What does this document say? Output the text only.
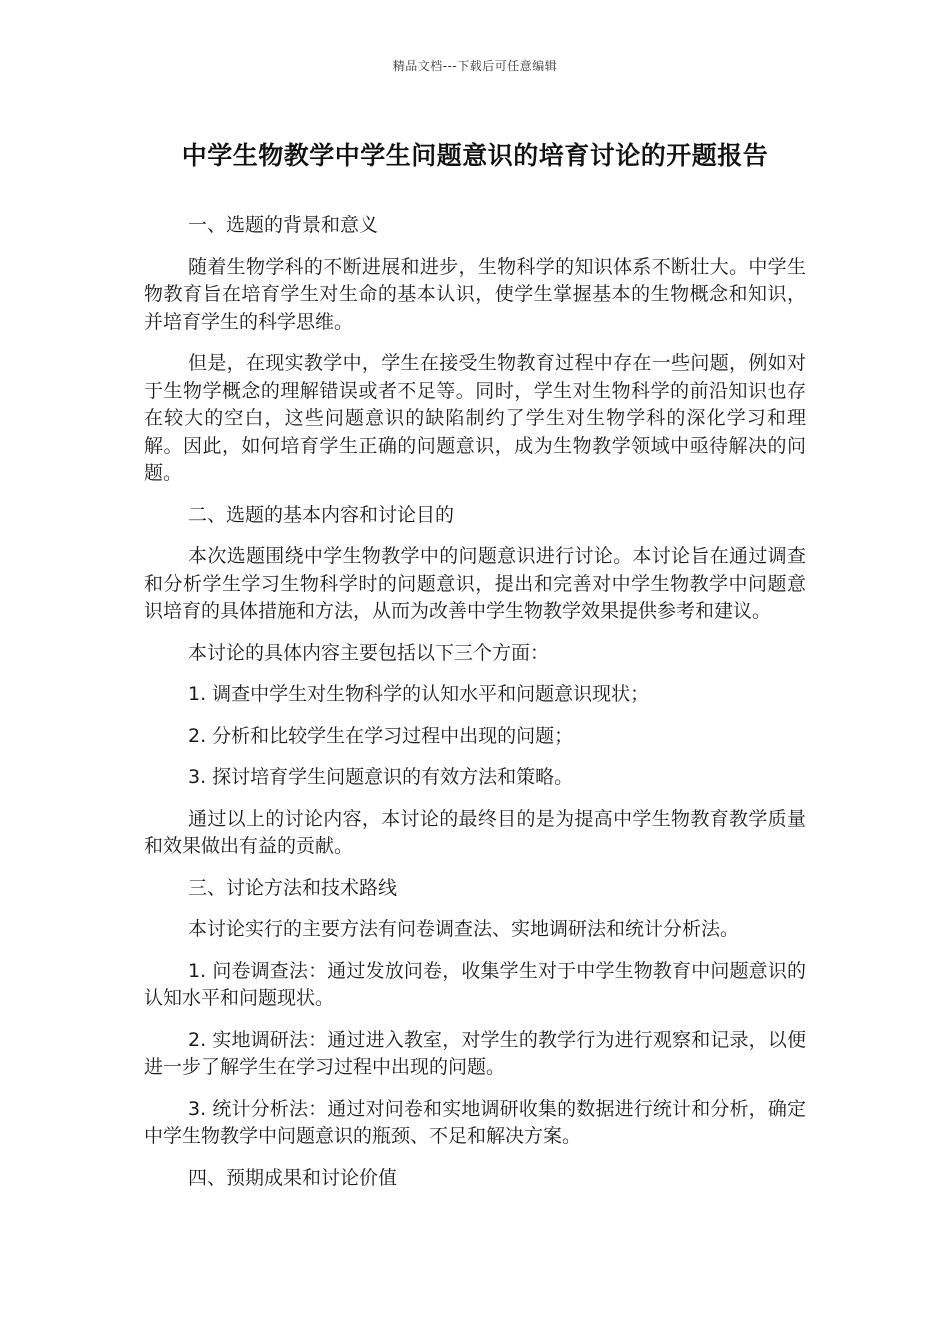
精品文档---下载后可任意编辑
中学生物教学中学生问题意识的培育讨论的开题报告

一、选题的背景和意义

随着生物学科的不断进展和进步，生物科学的知识体系不断壮大。中学生物教育旨在培育学生对生命的基本认识，使学生掌握基本的生物概念和知识，并培育学生的科学思维。

但是，在现实教学中，学生在接受生物教育过程中存在一些问题，例如对于生物学概念的理解错误或者不足等。同时，学生对生物科学的前沿知识也存在较大的空白，这些问题意识的缺陷制约了学生对生物学科的深化学习和理解。因此，如何培育学生正确的问题意识，成为生物教学领域中亟待解决的问题。

二、选题的基本内容和讨论目的

本次选题围绕中学生物教学中的问题意识进行讨论。本讨论旨在通过调查和分析学生学习生物科学时的问题意识，提出和完善对中学生物教学中问题意识培育的具体措施和方法，从而为改善中学生物教学效果提供参考和建议。

本讨论的具体内容主要包括以下三个方面：

1. 调查中学生对生物科学的认知水平和问题意识现状；

2. 分析和比较学生在学习过程中出现的问题；

3. 探讨培育学生问题意识的有效方法和策略。

通过以上的讨论内容，本讨论的最终目的是为提高中学生物教育教学质量和效果做出有益的贡献。

三、讨论方法和技术路线

本讨论实行的主要方法有问卷调查法、实地调研法和统计分析法。

1. 问卷调查法：通过发放问卷，收集学生对于中学生物教育中问题意识的认知水平和问题现状。

2. 实地调研法：通过进入教室，对学生的教学行为进行观察和记录，以便进一步了解学生在学习过程中出现的问题。

3. 统计分析法：通过对问卷和实地调研收集的数据进行统计和分析，确定中学生物教学中问题意识的瓶颈、不足和解决方案。

四、预期成果和讨论价值
